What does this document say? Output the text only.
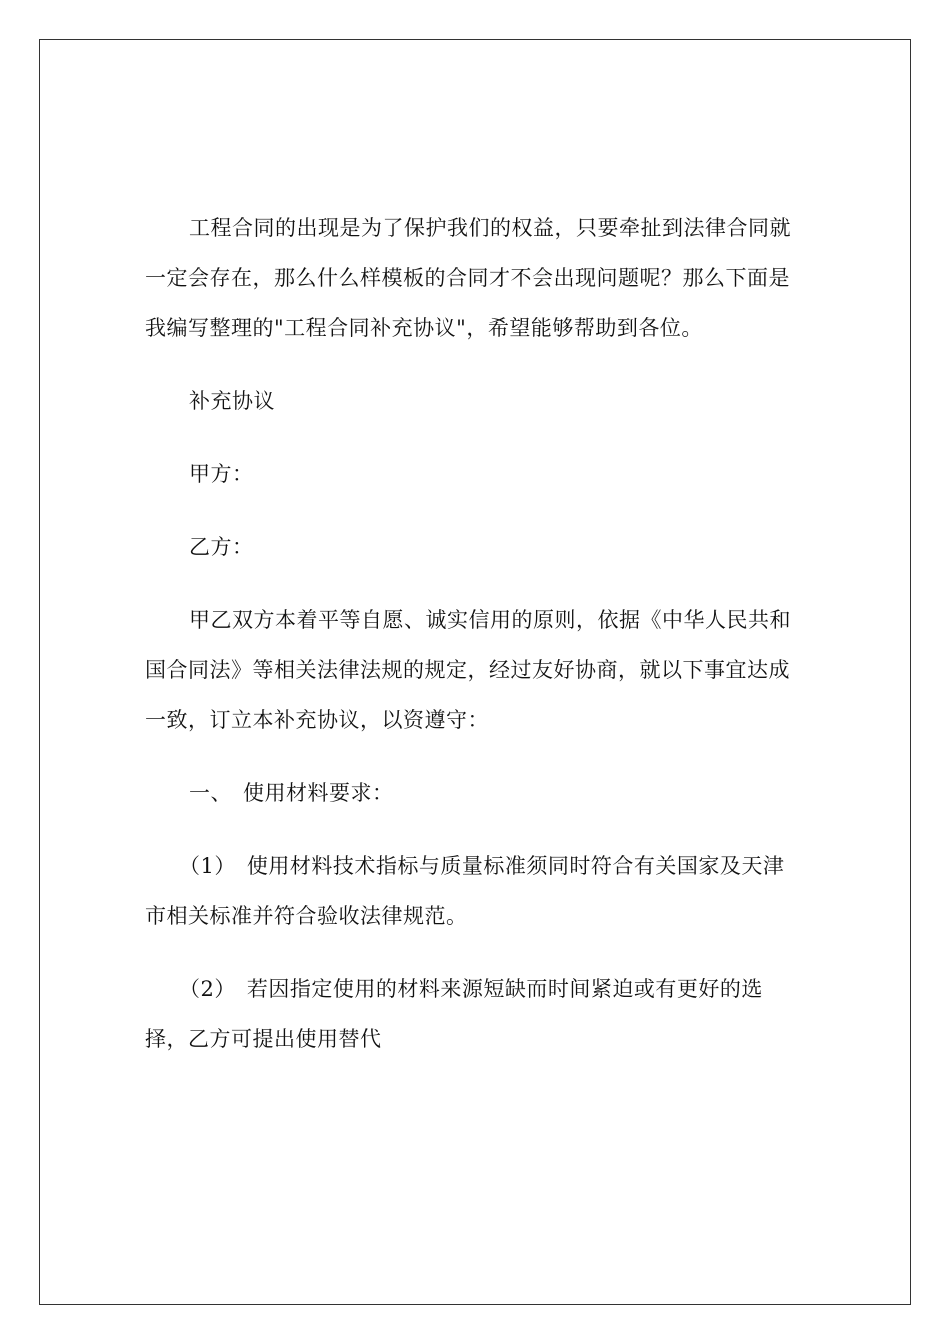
工程合同的出现是为了保护我们的权益，只要牵扯到法律合同就一定会存在，那么什么样模板的合同才不会出现问题呢？那么下面是我编写整理的"工程合同补充协议"，希望能够帮助到各位。

补充协议

甲方：

乙方：

甲乙双方本着平等自愿、诚实信用的原则，依据《中华人民共和国合同法》等相关法律法规的规定，经过友好协商，就以下事宜达成一致，订立本补充协议，以资遵守：

一、　使用材料要求：

（1）　使用材料技术指标与质量标准须同时符合有关国家及天津市相关标准并符合验收法律规范。

（2）　若因指定使用的材料来源短缺而时间紧迫或有更好的选择，乙方可提出使用替代
